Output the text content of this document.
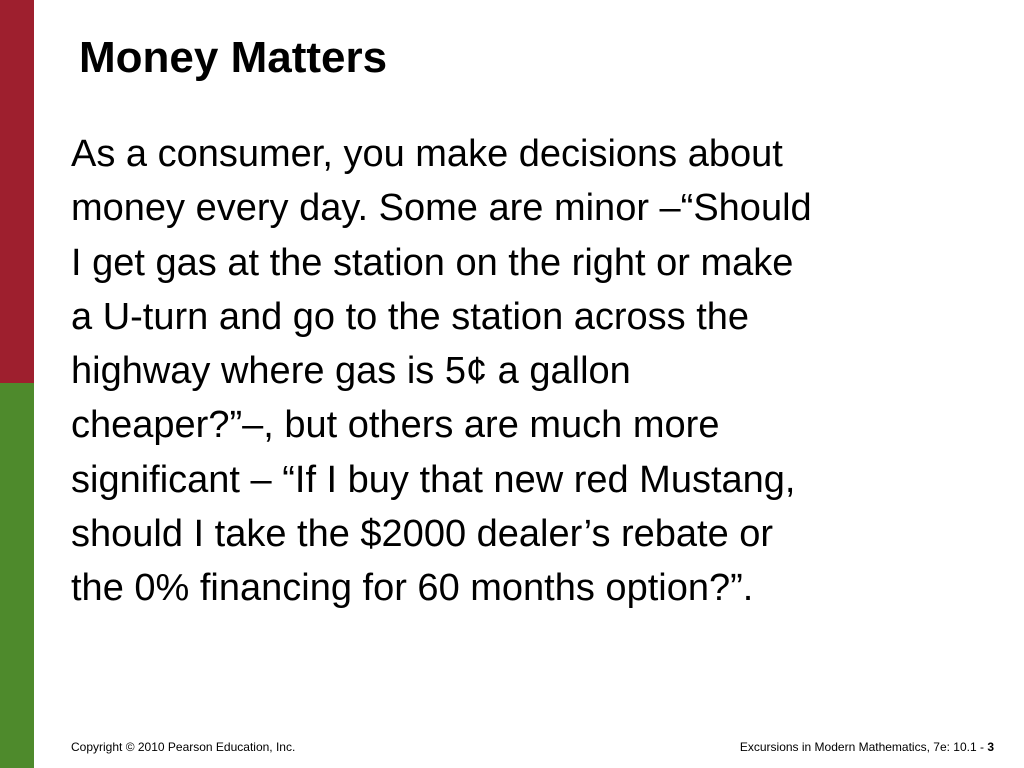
Money Matters

As a consumer, you make decisions about
money every day. Some are minor –“Should
I get gas at the station on the right or make
a U-turn and go to the station across the
highway where gas is 5¢ a gallon
cheaper?”–, but others are much more
significant – “If I buy that new red Mustang,
should I take the $2000 dealer’s rebate or
the 0% financing for 60 months option?”.

Copyright © 2010 Pearson Education, Inc.	Excursions in Modern Mathematics, 7e: 10.1 - 3
